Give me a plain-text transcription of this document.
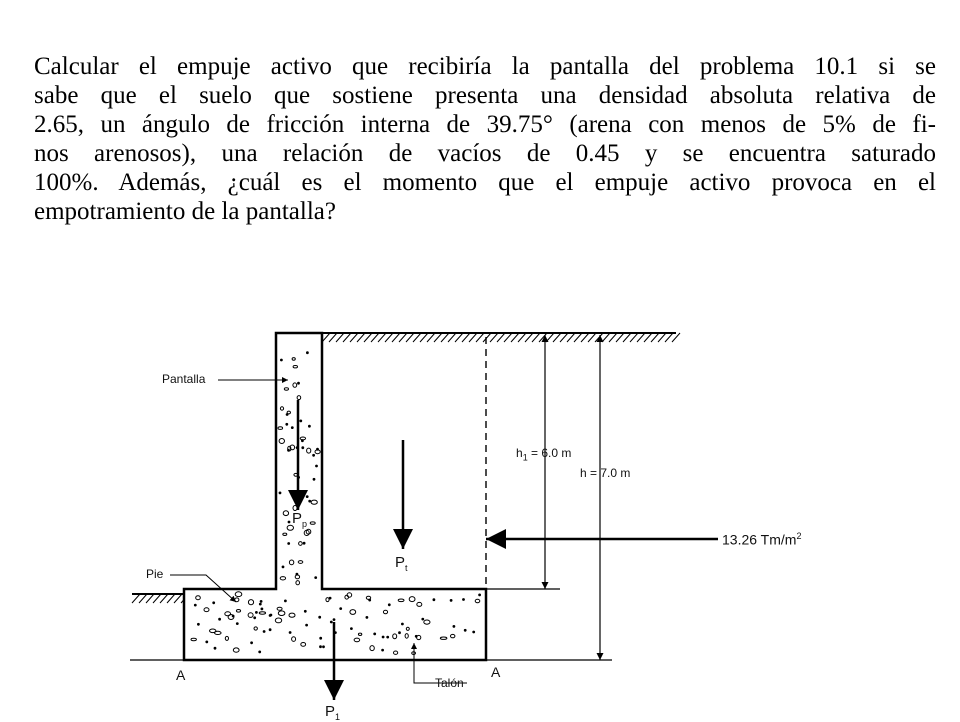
Calcular el empuje activo que recibiría la pantalla del problema 10.1 si se
sabe que el suelo que sostiene presenta una densidad absoluta relativa de
2.65, un ángulo de fricción interna de 39.75° (arena con menos de 5% de fi-
nos arenosos), una relación de vacíos de 0.45 y se encuentra saturado
100%. Además, ¿cuál es el momento que el empuje activo provoca en el
empotramiento de la pantalla?
Pantalla
Pie
Talón
A	A
$h_1 = 6.0$ m
h = 7.0 m
13.26 $Tm/m^2$
$P_p$
$P_t$
$P_1$
